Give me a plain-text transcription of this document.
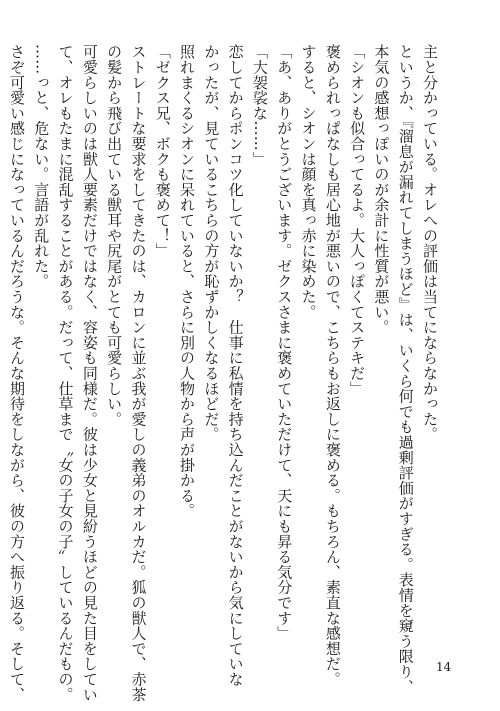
主と分かっている。オレへの評価は当てにならなかった。
というか、『溜息が漏れてしまうほど』は、いくら何でも過剰評価がすぎる。表情を窺う限り、
本気の感想っぽいのが余計に性質が悪い。
「シオンも似合ってるよ。大人っぽくてステキだ」
褒められっぱなしも居心地が悪いので、こちらもお返しに褒める。もちろん、素直な感想だ。
すると、シオンは顔を真っ赤に染めた。
「あ、ありがとうございます。ゼクスさまに褒めていただけて、天にも昇る気分です」
「大袈裟な……」
恋してからポンコツ化していないか？　仕事に私情を持ち込んだことがないから気にしていな
かったが、見ているこちらの方が恥ずかしくなるほどだ。
照れまくるシオンに呆れていると、さらに別の人物から声が掛かる。
「ゼクス兄、ボクも褒めて！」
ストレートな要求をしてきたのは、カロンに並ぶ我が愛しの義弟のオルカだ。狐の獣人で、赤茶
の髪から飛び出ている獣耳や尻尾がとても可愛らしい。
可愛らしいのは獣人要素だけではなく、容姿も同様だ。彼は少女と見紛うほどの見た目をしてい
て、オレもたまに混乱することがある。だって、仕草まで〝女の子女の子〟しているんだもの。
……っと、危ない。言語が乱れた。
さぞ可愛い感じになっているんだろうな。そんな期待をしながら、彼の方へ振り返る。そして、	14
